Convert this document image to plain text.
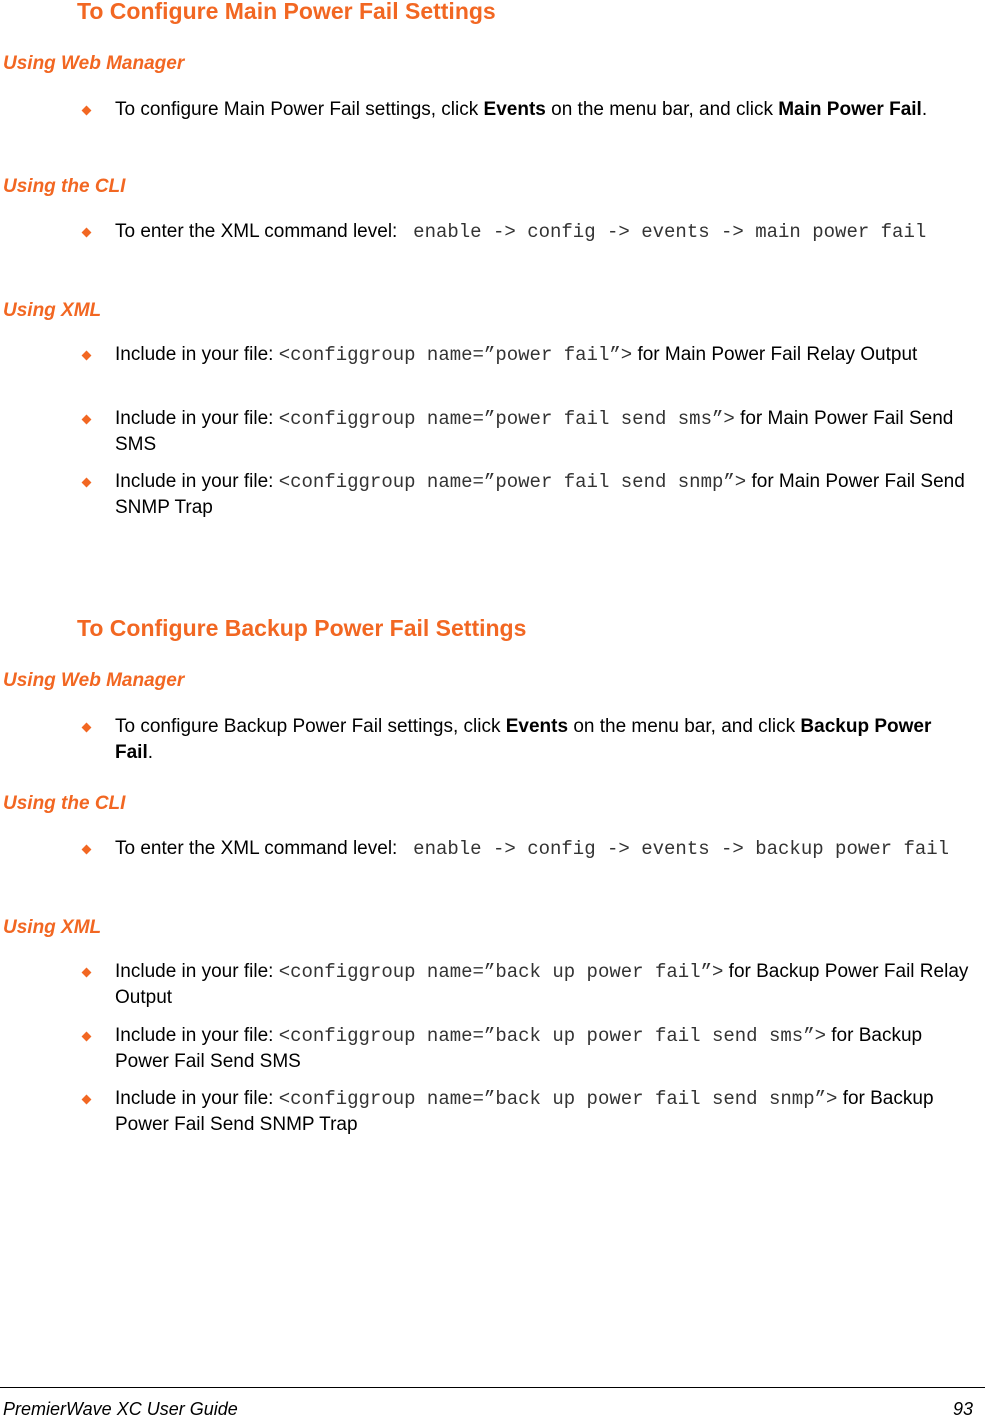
To Configure Main Power Fail Settings
Using Web Manager
To configure Main Power Fail settings, click Events on the menu bar, and click Main Power Fail.
Using the CLI
To enter the XML command level: enable -> config -> events -> main power fail
Using XML
Include in your file: <configgroup name=”power fail”> for Main Power Fail Relay Output
Include in your file: <configgroup name=”power fail send sms”> for Main Power Fail Send SMS
Include in your file: <configgroup name=”power fail send snmp”> for Main Power Fail Send SNMP Trap
To Configure Backup Power Fail Settings
Using Web Manager
To configure Backup Power Fail settings, click Events on the menu bar, and click Backup Power Fail.
Using the CLI
To enter the XML command level: enable -> config -> events -> backup power fail
Using XML
Include in your file: <configgroup name=”back up power fail”> for Backup Power Fail Relay Output
Include in your file: <configgroup name=”back up power fail send sms”> for Backup Power Fail Send SMS
Include in your file: <configgroup name=”back up power fail send snmp”> for Backup Power Fail Send SNMP Trap
PremierWave XC User Guide	93
